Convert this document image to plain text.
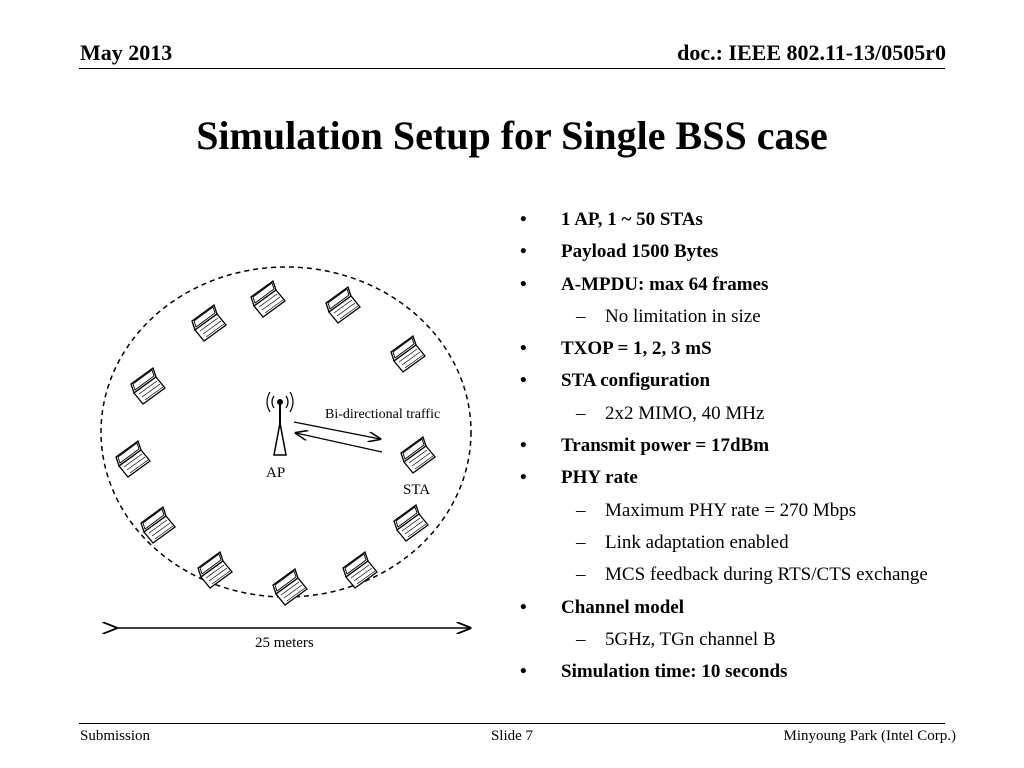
May 2013	doc.: IEEE 802.11-13/0505r0
Simulation Setup for Single BSS case
AP
Bi-directional traffic
STA
25 meters
• 1 AP, 1 ~ 50 STAs
• Payload 1500 Bytes
• A-MPDU: max 64 frames
– No limitation in size
• TXOP = 1, 2, 3 mS
• STA configuration
– 2x2 MIMO, 40 MHz
• Transmit power = 17dBm
• PHY rate
– Maximum PHY rate = 270 Mbps
– Link adaptation enabled
– MCS feedback during RTS/CTS exchange
• Channel model
– 5GHz, TGn channel B
• Simulation time: 10 seconds
Submission	Slide 7	Minyoung Park (Intel Corp.)
